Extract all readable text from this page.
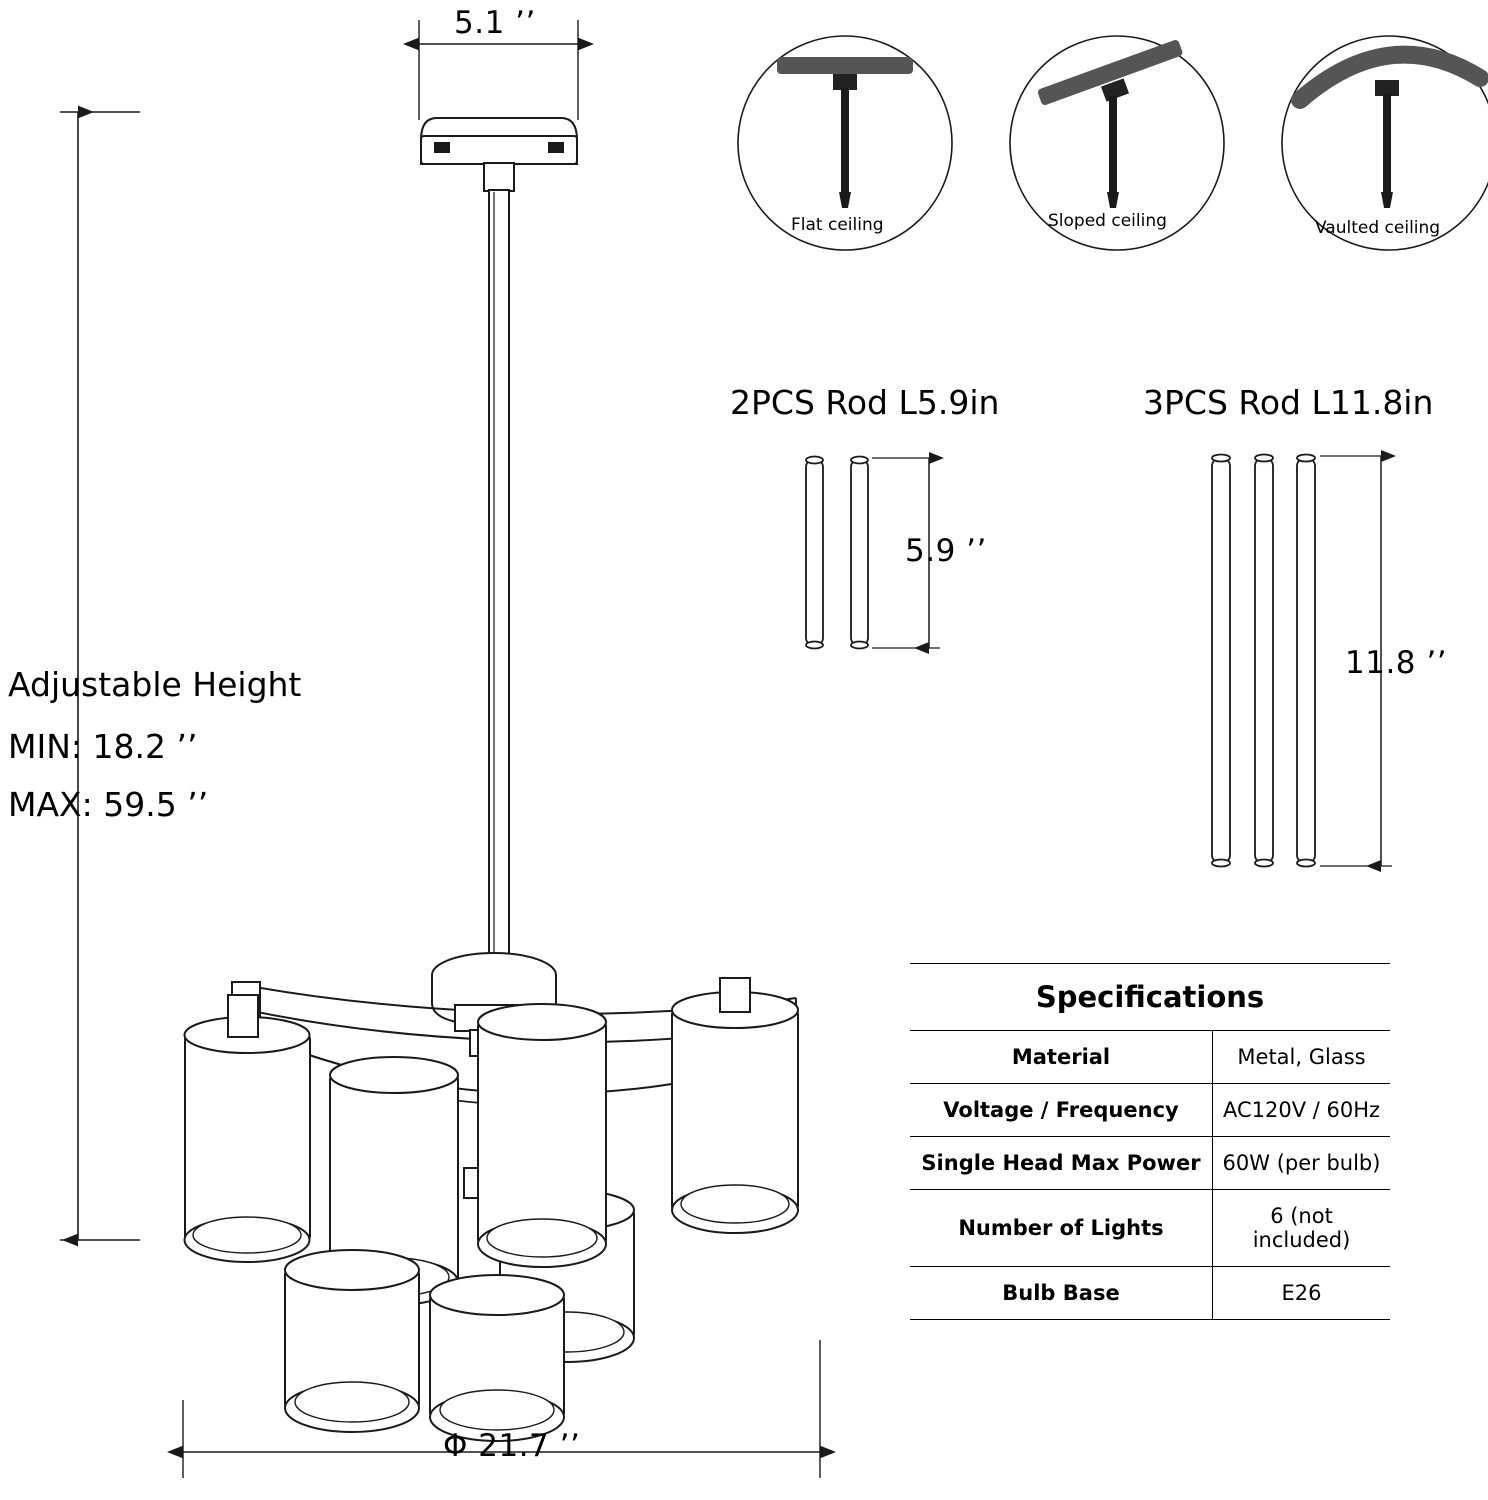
5.1 ’’
Φ 21.7 ’’
Adjustable Height
MIN: 18.2 ’’
MAX: 59.5 ’’
Flat ceiling	Sloped ceiling	Vaulted ceiling
2PCS Rod L5.9in
5.9 ’’
3PCS Rod L11.8in
11.8 ’’
Specifications	
Material	Metal, Glass
Voltage / Frequency	AC120V / 60Hz
Single Head Max Power	60W (per bulb)
Number of Lights	6 (not included)
Bulb Base	E26
